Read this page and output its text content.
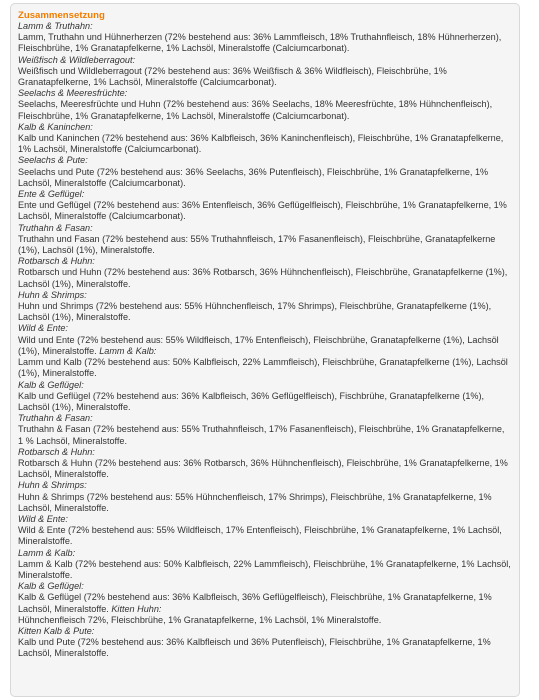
Zusammensetzung
Lamm & Truthahn:
Lamm, Truthahn und Hühnerherzen (72% bestehend aus: 36% Lammfleisch, 18% Truthahnfleisch, 18% Hühnerherzen), Fleischbrühe, 1% Granatapfelkerne, 1% Lachsöl, Mineralstoffe (Calciumcarbonat).
Weißfisch & Wildleberragout:
Weißfisch und Wildleberragout (72% bestehend aus: 36% Weißfisch & 36% Wildfleisch), Fleischbrühe, 1% Granatapfelkerne, 1% Lachsöl, Mineralstoffe (Calciumcarbonat).
Seelachs & Meeresfrüchte:
Seelachs, Meeresfrüchte und Huhn (72% bestehend aus: 36% Seelachs, 18% Meeresfrüchte, 18% Hühnchenfleisch), Fleischbrühe, 1% Granatapfelkerne, 1% Lachsöl, Mineralstoffe (Calciumcarbonat).
Kalb & Kaninchen:
Kalb und Kaninchen (72% bestehend aus: 36% Kalbfleisch, 36% Kaninchenfleisch), Fleischbrühe, 1% Granatapfelkerne, 1% Lachsöl, Mineralstoffe (Calciumcarbonat).
Seelachs & Pute:
Seelachs und Pute (72% bestehend aus: 36% Seelachs, 36% Putenfleisch), Fleischbrühe, 1% Granatapfelkerne, 1% Lachsöl, Mineralstoffe (Calciumcarbonat).
Ente & Geflügel:
Ente und Geflügel (72% bestehend aus: 36% Entenfleisch, 36% Geflügelfleisch), Fleischbrühe, 1% Granatapfelkerne, 1% Lachsöl, Mineralstoffe (Calciumcarbonat).
Truthahn & Fasan:
Truthahn und Fasan (72% bestehend aus: 55% Truthahnfleisch, 17% Fasanenfleisch), Fleischbrühe, Granatapfelkerne (1%), Lachsöl (1%), Mineralstoffe.
Rotbarsch & Huhn:
Rotbarsch und Huhn (72% bestehend aus: 36% Rotbarsch, 36% Hühnchenfleisch), Fleischbrühe, Granatapfelkerne (1%), Lachsöl (1%), Mineralstoffe.
Huhn & Shrimps:
Huhn und Shrimps (72% bestehend aus: 55% Hühnchenfleisch, 17% Shrimps), Fleischbrühe, Granatapfelkerne (1%), Lachsöl (1%), Mineralstoffe.
Wild & Ente:
Wild und Ente (72% bestehend aus: 55% Wildfleisch, 17% Entenfleisch), Fleischbrühe, Granatapfelkerne (1%), Lachsöl (1%), Mineralstoffe. Lamm & Kalb:
Lamm und Kalb (72% bestehend aus: 50% Kalbfleisch, 22% Lammfleisch), Fleischbrühe, Granatapfelkerne (1%), Lachsöl (1%), Mineralstoffe.
Kalb & Geflügel:
Kalb und Geflügel (72% bestehend aus: 36% Kalbfleisch, 36% Geflügelfleisch), Fischbrühe, Granatapfelkerne (1%), Lachsöl (1%), Mineralstoffe.
Truthahn & Fasan:
Truthahn & Fasan (72% bestehend aus: 55% Truthahnfleisch, 17% Fasanenfleisch), Fleischbrühe, 1% Granatapfelkerne, 1 % Lachsöl, Mineralstoffe.
Rotbarsch & Huhn:
Rotbarsch & Huhn (72% bestehend aus: 36% Rotbarsch, 36% Hühnchenfleisch), Fleischbrühe, 1% Granatapfelkerne, 1% Lachsöl, Mineralstoffe.
Huhn & Shrimps:
Huhn & Shrimps (72% bestehend aus: 55% Hühnchenfleisch, 17% Shrimps), Fleischbrühe, 1% Granatapfelkerne, 1% Lachsöl, Mineralstoffe.
Wild & Ente:
Wild & Ente (72% bestehend aus: 55% Wildfleisch, 17% Entenfleisch), Fleischbrühe, 1% Granatapfelkerne, 1% Lachsöl, Mineralstoffe.
Lamm & Kalb:
Lamm & Kalb (72% bestehend aus: 50% Kalbfleisch, 22% Lammfleisch), Fleischbrühe, 1% Granatapfelkerne, 1% Lachsöl, Mineralstoffe.
Kalb & Geflügel:
Kalb & Geflügel (72% bestehend aus: 36% Kalbfleisch, 36% Geflügelfleisch), Fleischbrühe, 1% Granatapfelkerne, 1% Lachsöl, Mineralstoffe. Kitten Huhn:
Hühnchenfleisch 72%, Fleischbrühe, 1% Granatapfelkerne, 1% Lachsöl, 1% Mineralstoffe.
Kitten Kalb & Pute:
Kalb und Pute (72% bestehend aus: 36% Kalbfleisch und 36% Putenfleisch), Fleischbrühe, 1% Granatapfelkerne, 1% Lachsöl, Mineralstoffe.
